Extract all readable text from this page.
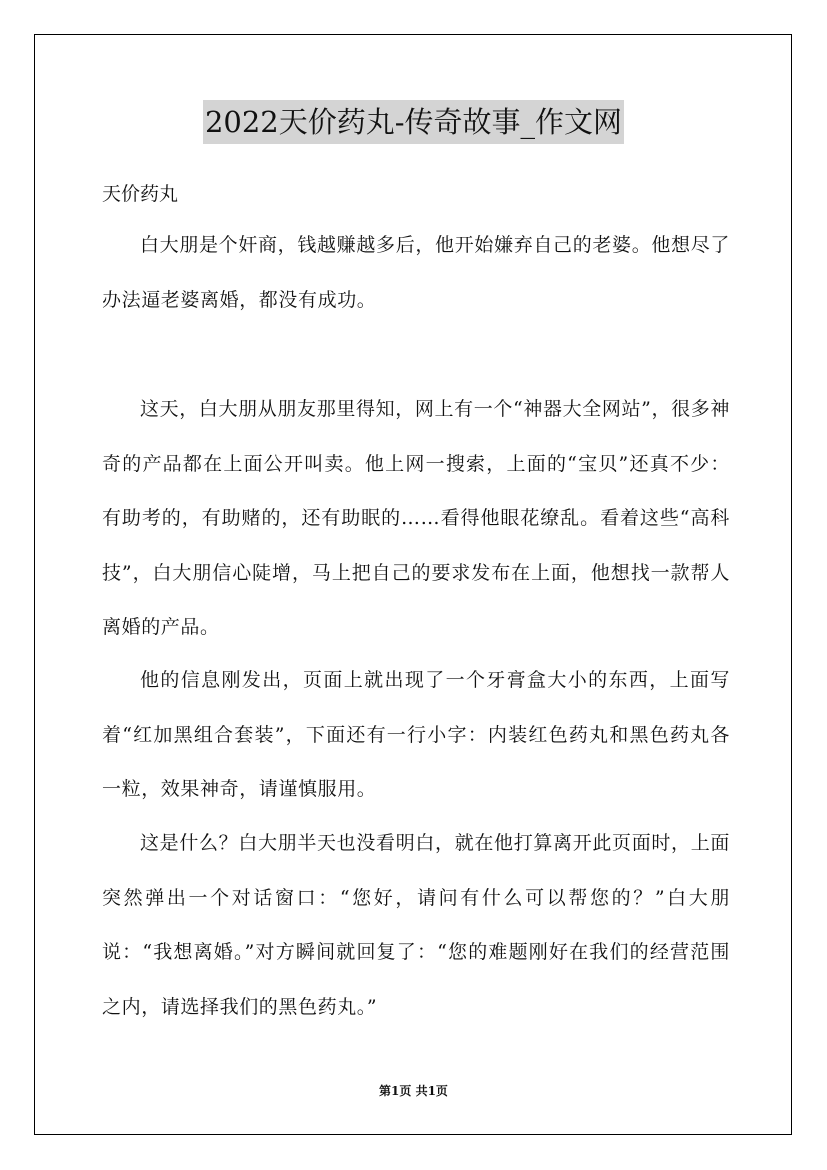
2022天价药丸-传奇故事_作文网
天价药丸

白大朋是个奸商，钱越赚越多后，他开始嫌弃自己的老婆。他想尽了办法逼老婆离婚，都没有成功。

这天，白大朋从朋友那里得知，网上有一个“神器大全网站”，很多神奇的产品都在上面公开叫卖。他上网一搜索，上面的“宝贝”还真不少：有助考的，有助赌的，还有助眠的……看得他眼花缭乱。看着这些“高科技”，白大朋信心陡增，马上把自己的要求发布在上面，他想找一款帮人离婚的产品。

他的信息刚发出，页面上就出现了一个牙膏盒大小的东西，上面写着“红加黑组合套装”，下面还有一行小字：内装红色药丸和黑色药丸各一粒，效果神奇，请谨慎服用。

这是什么？白大朋半天也没看明白，就在他打算离开此页面时，上面突然弹出一个对话窗口：“您好，请问有什么可以帮您的？”白大朋说：“我想离婚。”对方瞬间就回复了：“您的难题刚好在我们的经营范围之内，请选择我们的黑色药丸。”

第1页 共1页
